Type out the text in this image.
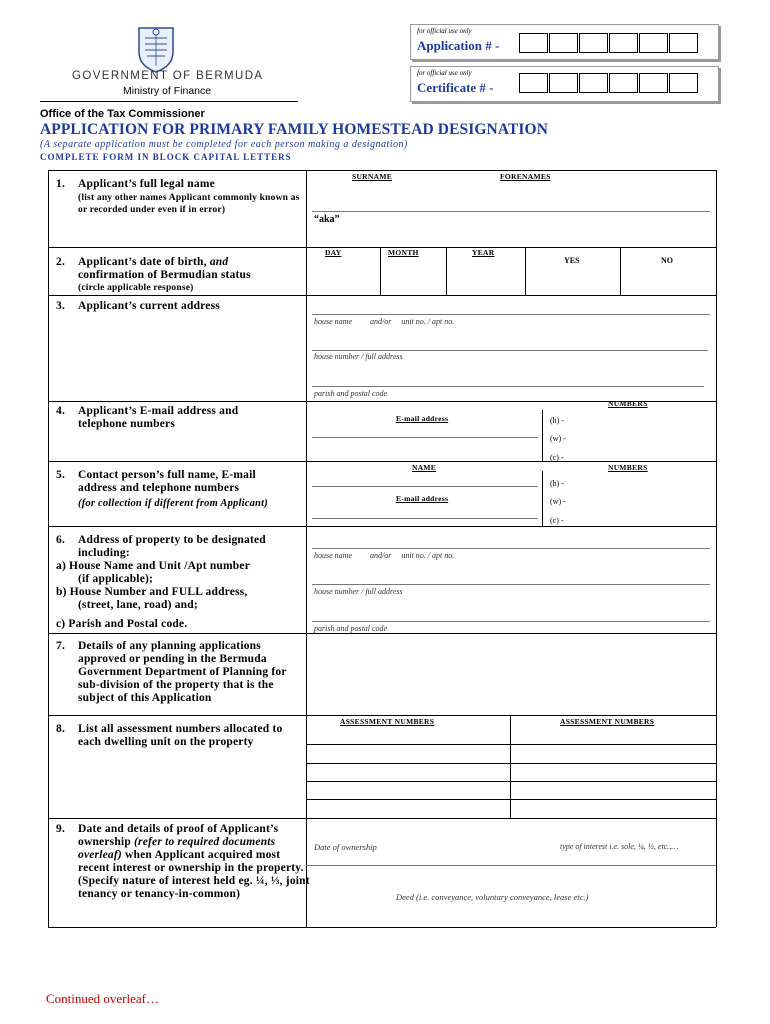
GOVERNMENT OF BERMUDA
Ministry of Finance
Office of the Tax Commissioner
for official use only
Application # -
for official use only
Certificate # -
APPLICATION FOR PRIMARY FAMILY HOMESTEAD DESIGNATION
(A separate application must be completed for each person making a designation)
COMPLETE FORM IN BLOCK CAPITAL LETTERS
1. Applicant’s full legal name
(list any other names Applicant commonly known as or recorded under even if in error)
SURNAME	FORENAMES
“aka”
2. Applicant’s date of birth, and
confirmation of Bermudian status
(circle applicable response)
DAY	MONTH	YEAR
YES	NO
3. Applicant’s current address
house name and/or unit no. / apt no.
house number / full address
parish and postal code
4. Applicant’s E-mail address and telephone numbers
NUMBERS
E-mail address	(h) -
(w) -
(c) -
5. Contact person’s full name, E-mail address and telephone numbers
(for collection if different from Applicant)
NAME	NUMBERS
E-mail address
(h) -
(w) -
(c) -
6. Address of property to be designated including:
a) House Name and Unit /Apt number
(if applicable);
b) House Number and FULL address,
(street, lane, road) and;
c) Parish and Postal code.
house name and/or unit no. / apt no.
house number / full address
parish and postal code
7. Details of any planning applications approved or pending in the Bermuda Government Department of Planning for sub-division of the property that is the subject of this Application
8. List all assessment numbers allocated to each dwelling unit on the property
ASSESSMENT NUMBERS	ASSESSMENT NUMBERS
9. Date and details of proof of Applicant’s ownership (refer to required documents overleaf) when Applicant acquired most recent interest or ownership in the property. (Specify nature of interest held eg. ¼, ⅓, joint tenancy or tenancy-in-common)
Date of ownership	type of interest i.e. sole, ¼, ½, etc.,…
Deed (i.e. conveyance, voluntary conveyance, lease etc.)
Continued overleaf…
